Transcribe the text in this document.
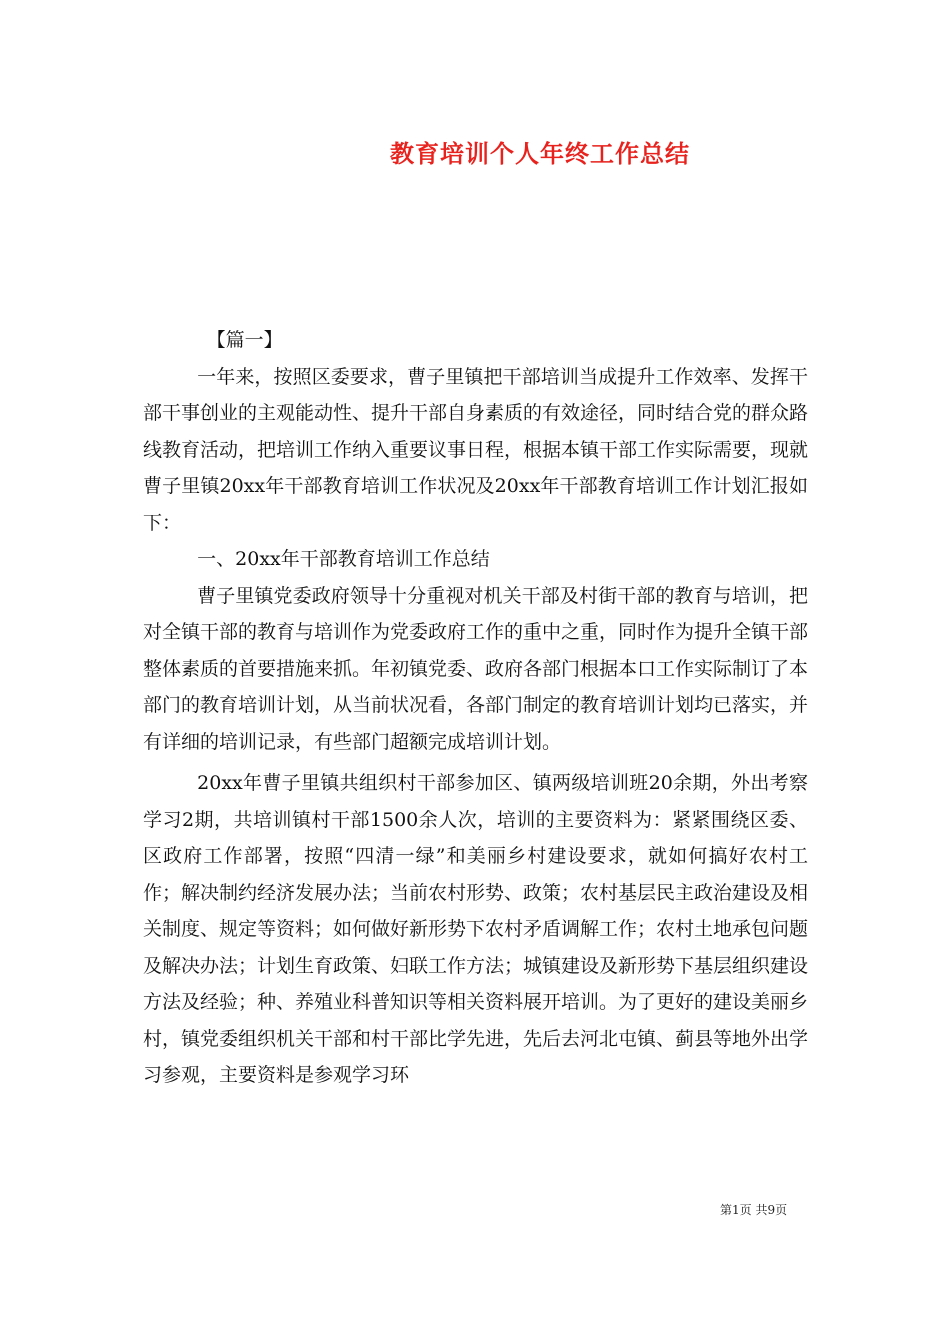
教育培训个人年终工作总结

【篇一】

一年来，按照区委要求，曹子里镇把干部培训当成提升工作效率、发挥干部干事创业的主观能动性、提升干部自身素质的有效途径，同时结合党的群众路线教育活动，把培训工作纳入重要议事日程，根据本镇干部工作实际需要，现就曹子里镇20xx年干部教育培训工作状况及20xx年干部教育培训工作计划汇报如下：

一、20xx年干部教育培训工作总结

曹子里镇党委政府领导十分重视对机关干部及村街干部的教育与培训，把对全镇干部的教育与培训作为党委政府工作的重中之重，同时作为提升全镇干部整体素质的首要措施来抓。年初镇党委、政府各部门根据本口工作实际制订了本部门的教育培训计划，从当前状况看，各部门制定的教育培训计划均已落实，并有详细的培训记录，有些部门超额完成培训计划。

20xx年曹子里镇共组织村干部参加区、镇两级培训班20余期，外出考察学习2期，共培训镇村干部1500余人次，培训的主要资料为：紧紧围绕区委、区政府工作部署，按照“四清一绿”和美丽乡村建设要求，就如何搞好农村工作；解决制约经济发展办法；当前农村形势、政策；农村基层民主政治建设及相关制度、规定等资料；如何做好新形势下农村矛盾调解工作；农村土地承包问题及解决办法；计划生育政策、妇联工作方法；城镇建设及新形势下基层组织建设方法及经验；种、养殖业科普知识等相关资料展开培训。为了更好的建设美丽乡村，镇党委组织机关干部和村干部比学先进，先后去河北屯镇、蓟县等地外出学习参观，主要资料是参观学习环

第1页 共9页
